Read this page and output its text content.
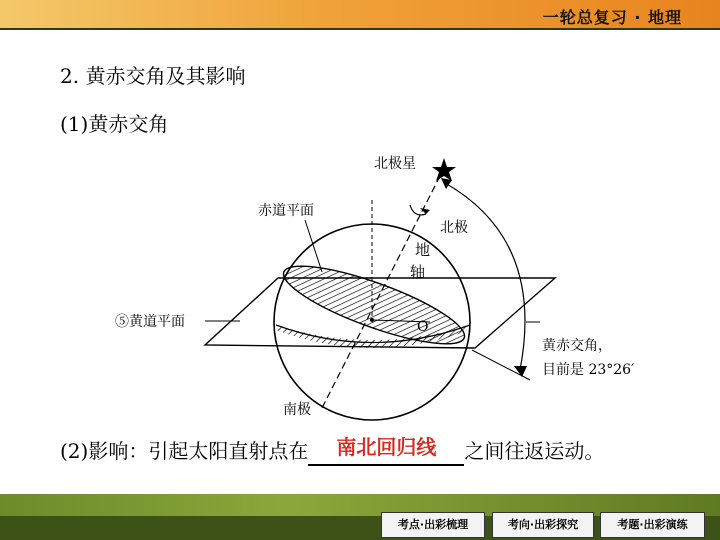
一轮总复习 · 地理
2. 黄赤交角及其影响
(1)黄赤交角
北极星
赤道平面
北极
地
轴
⑤黄道平面	O
黄赤交角，
目前是 23°26′
南极
(2)影响：引起太阳直射点在 南北回归线 之间往返运动。
考点·出彩梳理	考向·出彩探究	考题·出彩演练
